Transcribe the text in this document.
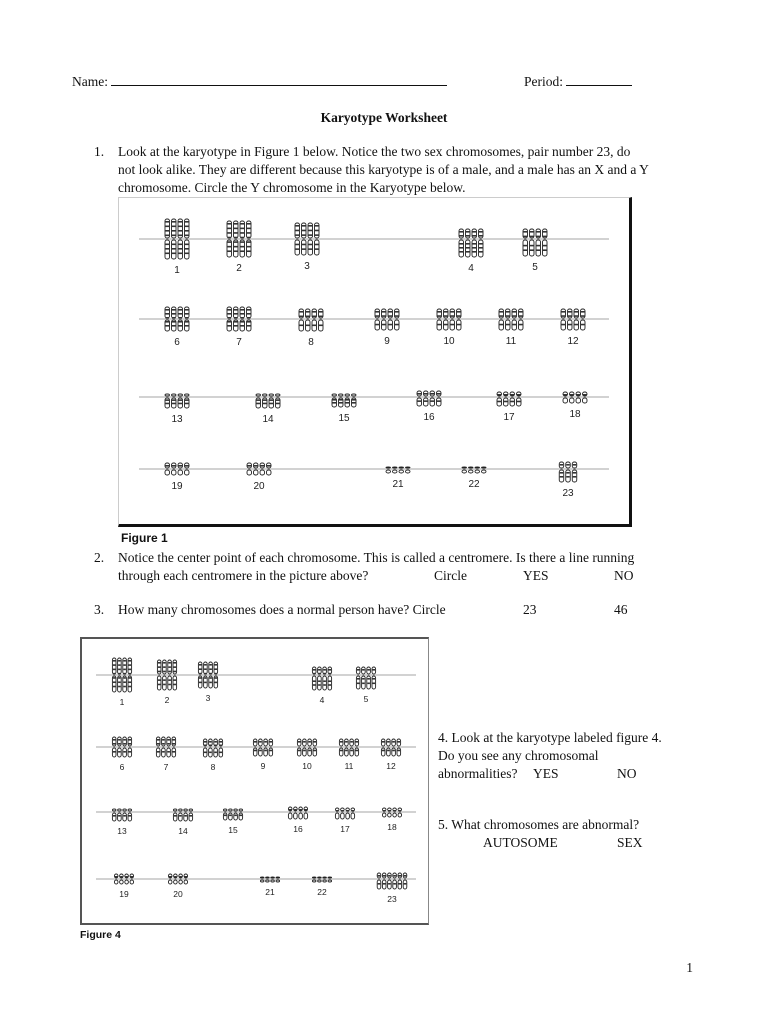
Name:	Period:
Karyotype Worksheet
1. Look at the karyotype in Figure 1 below. Notice the two sex chromosomes, pair number 23, do
not look alike. They are different because this karyotype is of a male, and a male has an X and a Y
chromosome. Circle the Y chromosome in the Karyotype below.
1	2	3	4	5
6	7	8	9	10	11	12
13	14	15	16	17	18
19	20	21	22
23
Figure 1
2. Notice the center point of each chromosome. This is called a centromere. Is there a line running
through each centromere in the picture above?	Circle	YES	NO
3. How many chromosomes does a normal person have? Circle	23	46
1	2	3	4	5
6	7	8	9	10	11	12
13	14	15	16	17	18
19	20	21	22
23
Figure 4
4. Look at the karyotype labeled figure 4.
Do you see any chromosomal
abnormalities? YES	NO
5. What chromosomes are abnormal?
AUTOSOME	SEX
1
